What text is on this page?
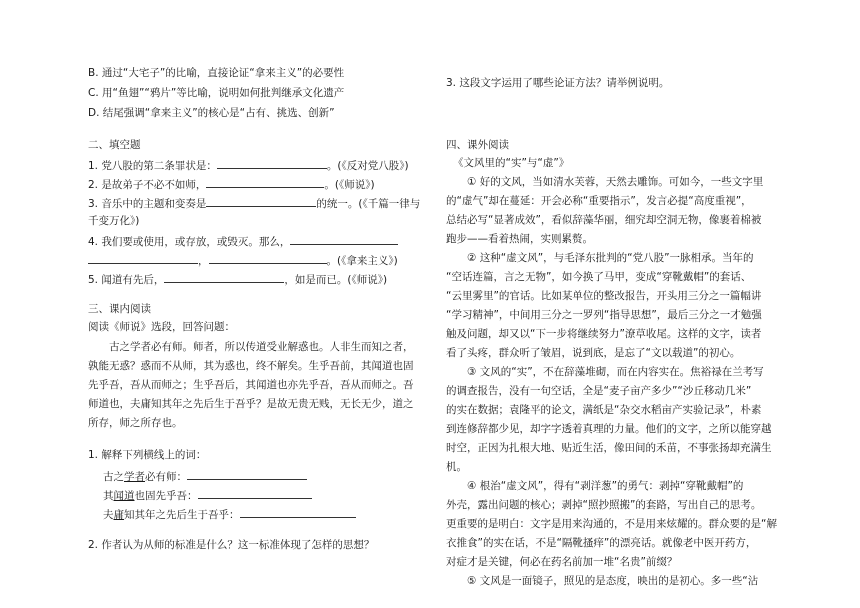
B. 通过“大宅子”的比喻，直接论证“拿来主义”的必要性
C. 用“鱼翅”“鸦片”等比喻，说明如何批判继承文化遗产
D. 结尾强调“拿来主义”的核心是“占有、挑选、创新”
二、填空题
1. 党八股的第二条罪状是：	。(《反对党八股》)
2. 是故弟子不必不如师，	。(《师说》)
3. 音乐中的主题和变奏是	的统一。(《千篇一律与
千变万化》)
4. 我们要或使用，或存放，或毁灭。那么，
，	。(《拿来主义》)
5. 闻道有先后，	，如是而已。(《师说》)
三、课内阅读
阅读《师说》选段，回答问题：
古之学者必有师。师者，所以传道受业解惑也。人非生而知之者，
孰能无惑？惑而不从师，其为惑也，终不解矣。生乎吾前，其闻道也固
先乎吾，吾从而师之；生乎吾后，其闻道也亦先乎吾，吾从而师之。吾
师道也，夫庸知其年之先后生于吾乎？是故无贵无贱，无长无少，道之
所存，师之所存也。
1. 解释下列横线上的词：
古之学者必有师：
其闻道也固先乎吾：
夫庸知其年之先后生于吾乎：
2. 作者认为从师的标准是什么？这一标准体现了怎样的思想？
3. 这段文字运用了哪些论证方法？请举例说明。
四、课外阅读
《文风里的“实”与“虚”》
① 好的文风，当如清水芙蓉，天然去雕饰。可如今，一些文字里
的“虚气”却在蔓延：开会必称“重要指示”，发言必提“高度重视”，
总结必写“显著成效”，看似辞藻华丽，细究却空洞无物，像裹着棉被
跑步——看着热闹，实则累赘。
② 这种“虚文风”，与毛泽东批判的“党八股”一脉相承。当年的
“空话连篇，言之无物”，如今换了马甲，变成“穿靴戴帽”的套话、
“云里雾里”的官话。比如某单位的整改报告，开头用三分之一篇幅讲
“学习精神”，中间用三分之一罗列“指导思想”，最后三分之一才勉强
触及问题，却又以“下一步将继续努力”潦草收尾。这样的文字，读者
看了头疼，群众听了皱眉，说到底，是忘了“文以载道”的初心。
③ 文风的“实”，不在辞藻堆砌，而在内容实在。焦裕禄在兰考写
的调查报告，没有一句空话，全是“麦子亩产多少”“沙丘移动几米”
的实在数据；袁隆平的论文，满纸是“杂交水稻亩产实验记录”，朴素
到连修辞都少见，却字字透着真理的力量。他们的文字，之所以能穿越
时空，正因为扎根大地、贴近生活，像田间的禾苗，不事张扬却充满生
机。
④ 根治“虚文风”，得有“剥洋葱”的勇气：剥掉“穿靴戴帽”的
外壳，露出问题的核心；剥掉“照抄照搬”的套路，写出自己的思考。
更重要的是明白：文字是用来沟通的，不是用来炫耀的。群众要的是“解
衣推食”的实在话，不是“隔靴搔痒”的漂亮话。就像老中医开药方，
对症才是关键，何必在药名前加一堆“名贵”前缀？
⑤ 文风是一面镜子，照见的是态度，映出的是初心。多一些“沾
